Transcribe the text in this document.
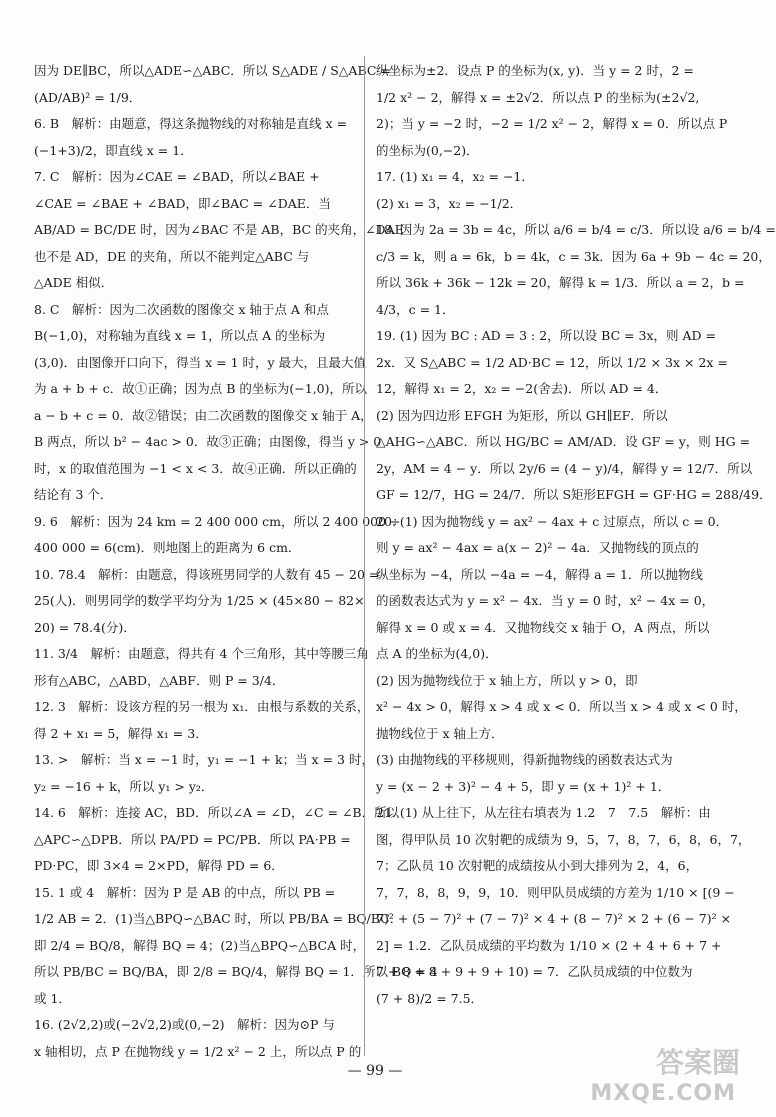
因为 DE∥BC，所以△ADE∽△ABC．所以 S△ADE / S△ABC =
(AD/AB)² = 1/9．
6. B　解析：由题意，得这条抛物线的对称轴是直线 x =
(−1+3)/2，即直线 x = 1．
7. C　解析：因为∠CAE = ∠BAD，所以∠BAE +
∠CAE = ∠BAE + ∠BAD，即∠BAC = ∠DAE．当
AB/AD = BC/DE 时，因为∠BAC 不是 AB，BC 的夹角，∠DAE
也不是 AD，DE 的夹角，所以不能判定△ABC 与
△ADE 相似．
8. C　解析：因为二次函数的图像交 x 轴于点 A 和点
B(−1,0)，对称轴为直线 x = 1，所以点 A 的坐标为
(3,0)．由图像开口向下，得当 x = 1 时，y 最大，且最大值
为 a + b + c．故①正确；因为点 B 的坐标为(−1,0)，所以
a − b + c = 0．故②错误；由二次函数的图像交 x 轴于 A，
B 两点，所以 b² − 4ac > 0．故③正确；由图像，得当 y > 0
时，x 的取值范围为 −1 < x < 3．故④正确．所以正确的
结论有 3 个．
9. 6　解析：因为 24 km = 2 400 000 cm，所以 2 400 000 ÷
400 000 = 6(cm)．则地图上的距离为 6 cm．
10. 78.4　解析：由题意，得该班男同学的人数有 45 − 20 =
25(人)．则男同学的数学平均分为 1/25 × (45×80 − 82×
20) = 78.4(分)．
11. 3/4　解析：由题意，得共有 4 个三角形，其中等腰三角
形有△ABC，△ABD，△ABF．则 P = 3/4．
12. 3　解析：设该方程的另一根为 x₁．由根与系数的关系，
得 2 + x₁ = 5，解得 x₁ = 3．
13. >　解析：当 x = −1 时，y₁ = −1 + k；当 x = 3 时，
y₂ = −16 + k，所以 y₁ > y₂．
14. 6　解析：连接 AC，BD．所以∠A = ∠D，∠C = ∠B．所以
△APC∽△DPB．所以 PA/PD = PC/PB．所以 PA·PB =
PD·PC，即 3×4 = 2×PD，解得 PD = 6．
15. 1 或 4　解析：因为 P 是 AB 的中点，所以 PB =
1/2 AB = 2．(1)当△BPQ∽△BAC 时，所以 PB/BA = BQ/BC．
即 2/4 = BQ/8，解得 BQ = 4；(2)当△BPQ∽△BCA 时，
所以 PB/BC = BQ/BA，即 2/8 = BQ/4，解得 BQ = 1．所以 BQ = 4
或 1．
16. (2√2,2)或(−2√2,2)或(0,−2)　解析：因为⊙P 与
x 轴相切，点 P 在抛物线 y = 1/2 x² − 2 上，所以点 P 的
纵坐标为±2．设点 P 的坐标为(x, y)．当 y = 2 时，2 =
1/2 x² − 2，解得 x = ±2√2．所以点 P 的坐标为(±2√2,
2)；当 y = −2 时，−2 = 1/2 x² − 2，解得 x = 0．所以点 P
的坐标为(0,−2)．
17. (1) x₁ = 4，x₂ = −1．
(2) x₁ = 3，x₂ = −1/2．
18. 因为 2a = 3b = 4c，所以 a/6 = b/4 = c/3．所以设 a/6 = b/4 =
c/3 = k，则 a = 6k，b = 4k，c = 3k．因为 6a + 9b − 4c = 20，
所以 36k + 36k − 12k = 20，解得 k = 1/3．所以 a = 2，b =
4/3，c = 1．
19. (1) 因为 BC : AD = 3 : 2，所以设 BC = 3x，则 AD =
2x．又 S△ABC = 1/2 AD·BC = 12，所以 1/2 × 3x × 2x =
12，解得 x₁ = 2，x₂ = −2(舍去)．所以 AD = 4．
(2) 因为四边形 EFGH 为矩形，所以 GH∥EF．所以
△AHG∽△ABC．所以 HG/BC = AM/AD．设 GF = y，则 HG =
2y，AM = 4 − y．所以 2y/6 = (4 − y)/4，解得 y = 12/7．所以
GF = 12/7，HG = 24/7．所以 S矩形EFGH = GF·HG = 288/49．
20. (1) 因为抛物线 y = ax² − 4ax + c 过原点，所以 c = 0．
则 y = ax² − 4ax = a(x − 2)² − 4a．又抛物线的顶点的
纵坐标为 −4，所以 −4a = −4，解得 a = 1．所以抛物线
的函数表达式为 y = x² − 4x．当 y = 0 时，x² − 4x = 0，
解得 x = 0 或 x = 4．又抛物线交 x 轴于 O，A 两点，所以
点 A 的坐标为(4,0)．
(2) 因为抛物线位于 x 轴上方，所以 y > 0，即
x² − 4x > 0，解得 x > 4 或 x < 0．所以当 x > 4 或 x < 0 时，
抛物线位于 x 轴上方．
(3) 由抛物线的平移规则，得新抛物线的函数表达式为
y = (x − 2 + 3)² − 4 + 5，即 y = (x + 1)² + 1．
21. (1) 从上往下，从左往右填表为 1.2　7　7.5　解析：由
图，得甲队员 10 次射靶的成绩为 9，5，7，8，7，6，8，6，7，
7；乙队员 10 次射靶的成绩按从小到大排列为 2，4，6，
7，7，8，8，9，9，10．则甲队员成绩的方差为 1/10 × [(9 −
7)² + (5 − 7)² + (7 − 7)² × 4 + (8 − 7)² × 2 + (6 − 7)² ×
2] = 1.2．乙队员成绩的平均数为 1/10 × (2 + 4 + 6 + 7 +
7 + 8 + 8 + 9 + 9 + 10) = 7．乙队员成绩的中位数为
(7 + 8)/2 = 7.5．
— 99 —	答案圈
MXQE.COM
